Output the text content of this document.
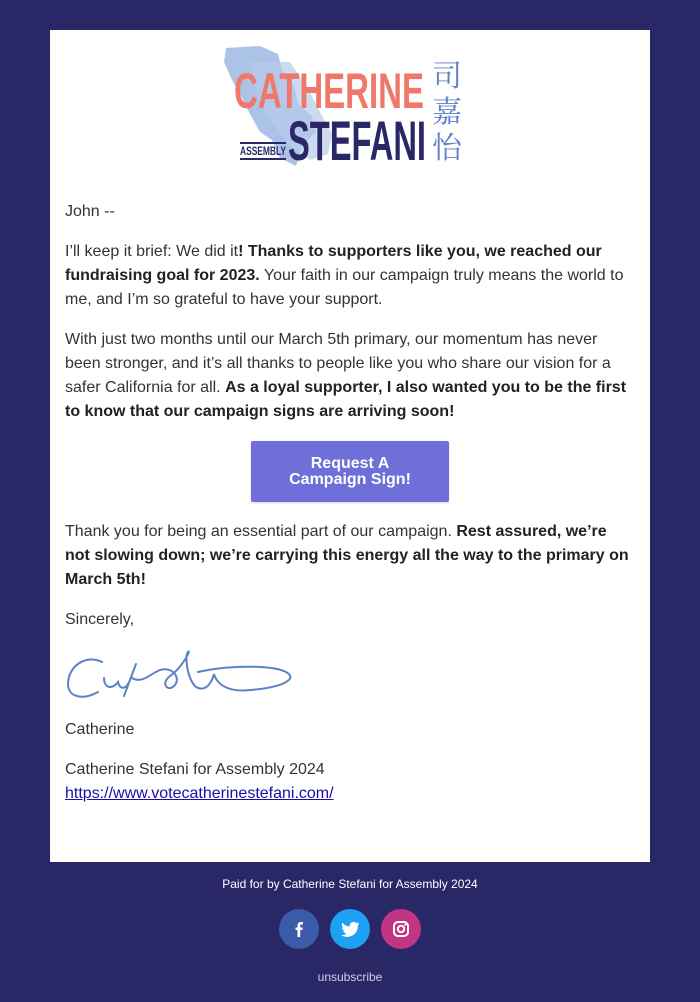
CATHERINE
ASSEMBLY STEFANI
司
嘉
怡
John --
I’ll keep it brief: We did it! Thanks to supporters like you, we reached our fundraising goal for 2023. Your faith in our campaign truly means the world to me, and I’m so grateful to have your support.
With just two months until our March 5th primary, our momentum has never been stronger, and it’s all thanks to people like you who share our vision for a safer California for all. As a loyal supporter, I also wanted you to be the first to know that our campaign signs are arriving soon!
Request A
Campaign Sign!
Thank you for being an essential part of our campaign. Rest assured, we’re not slowing down; we’re carrying this energy all the way to the primary on March 5th!
Sincerely,
Catherine
Catherine Stefani for Assembly 2024
https://www.votecatherinestefani.com/
Paid for by Catherine Stefani for Assembly 2024
unsubscribe
